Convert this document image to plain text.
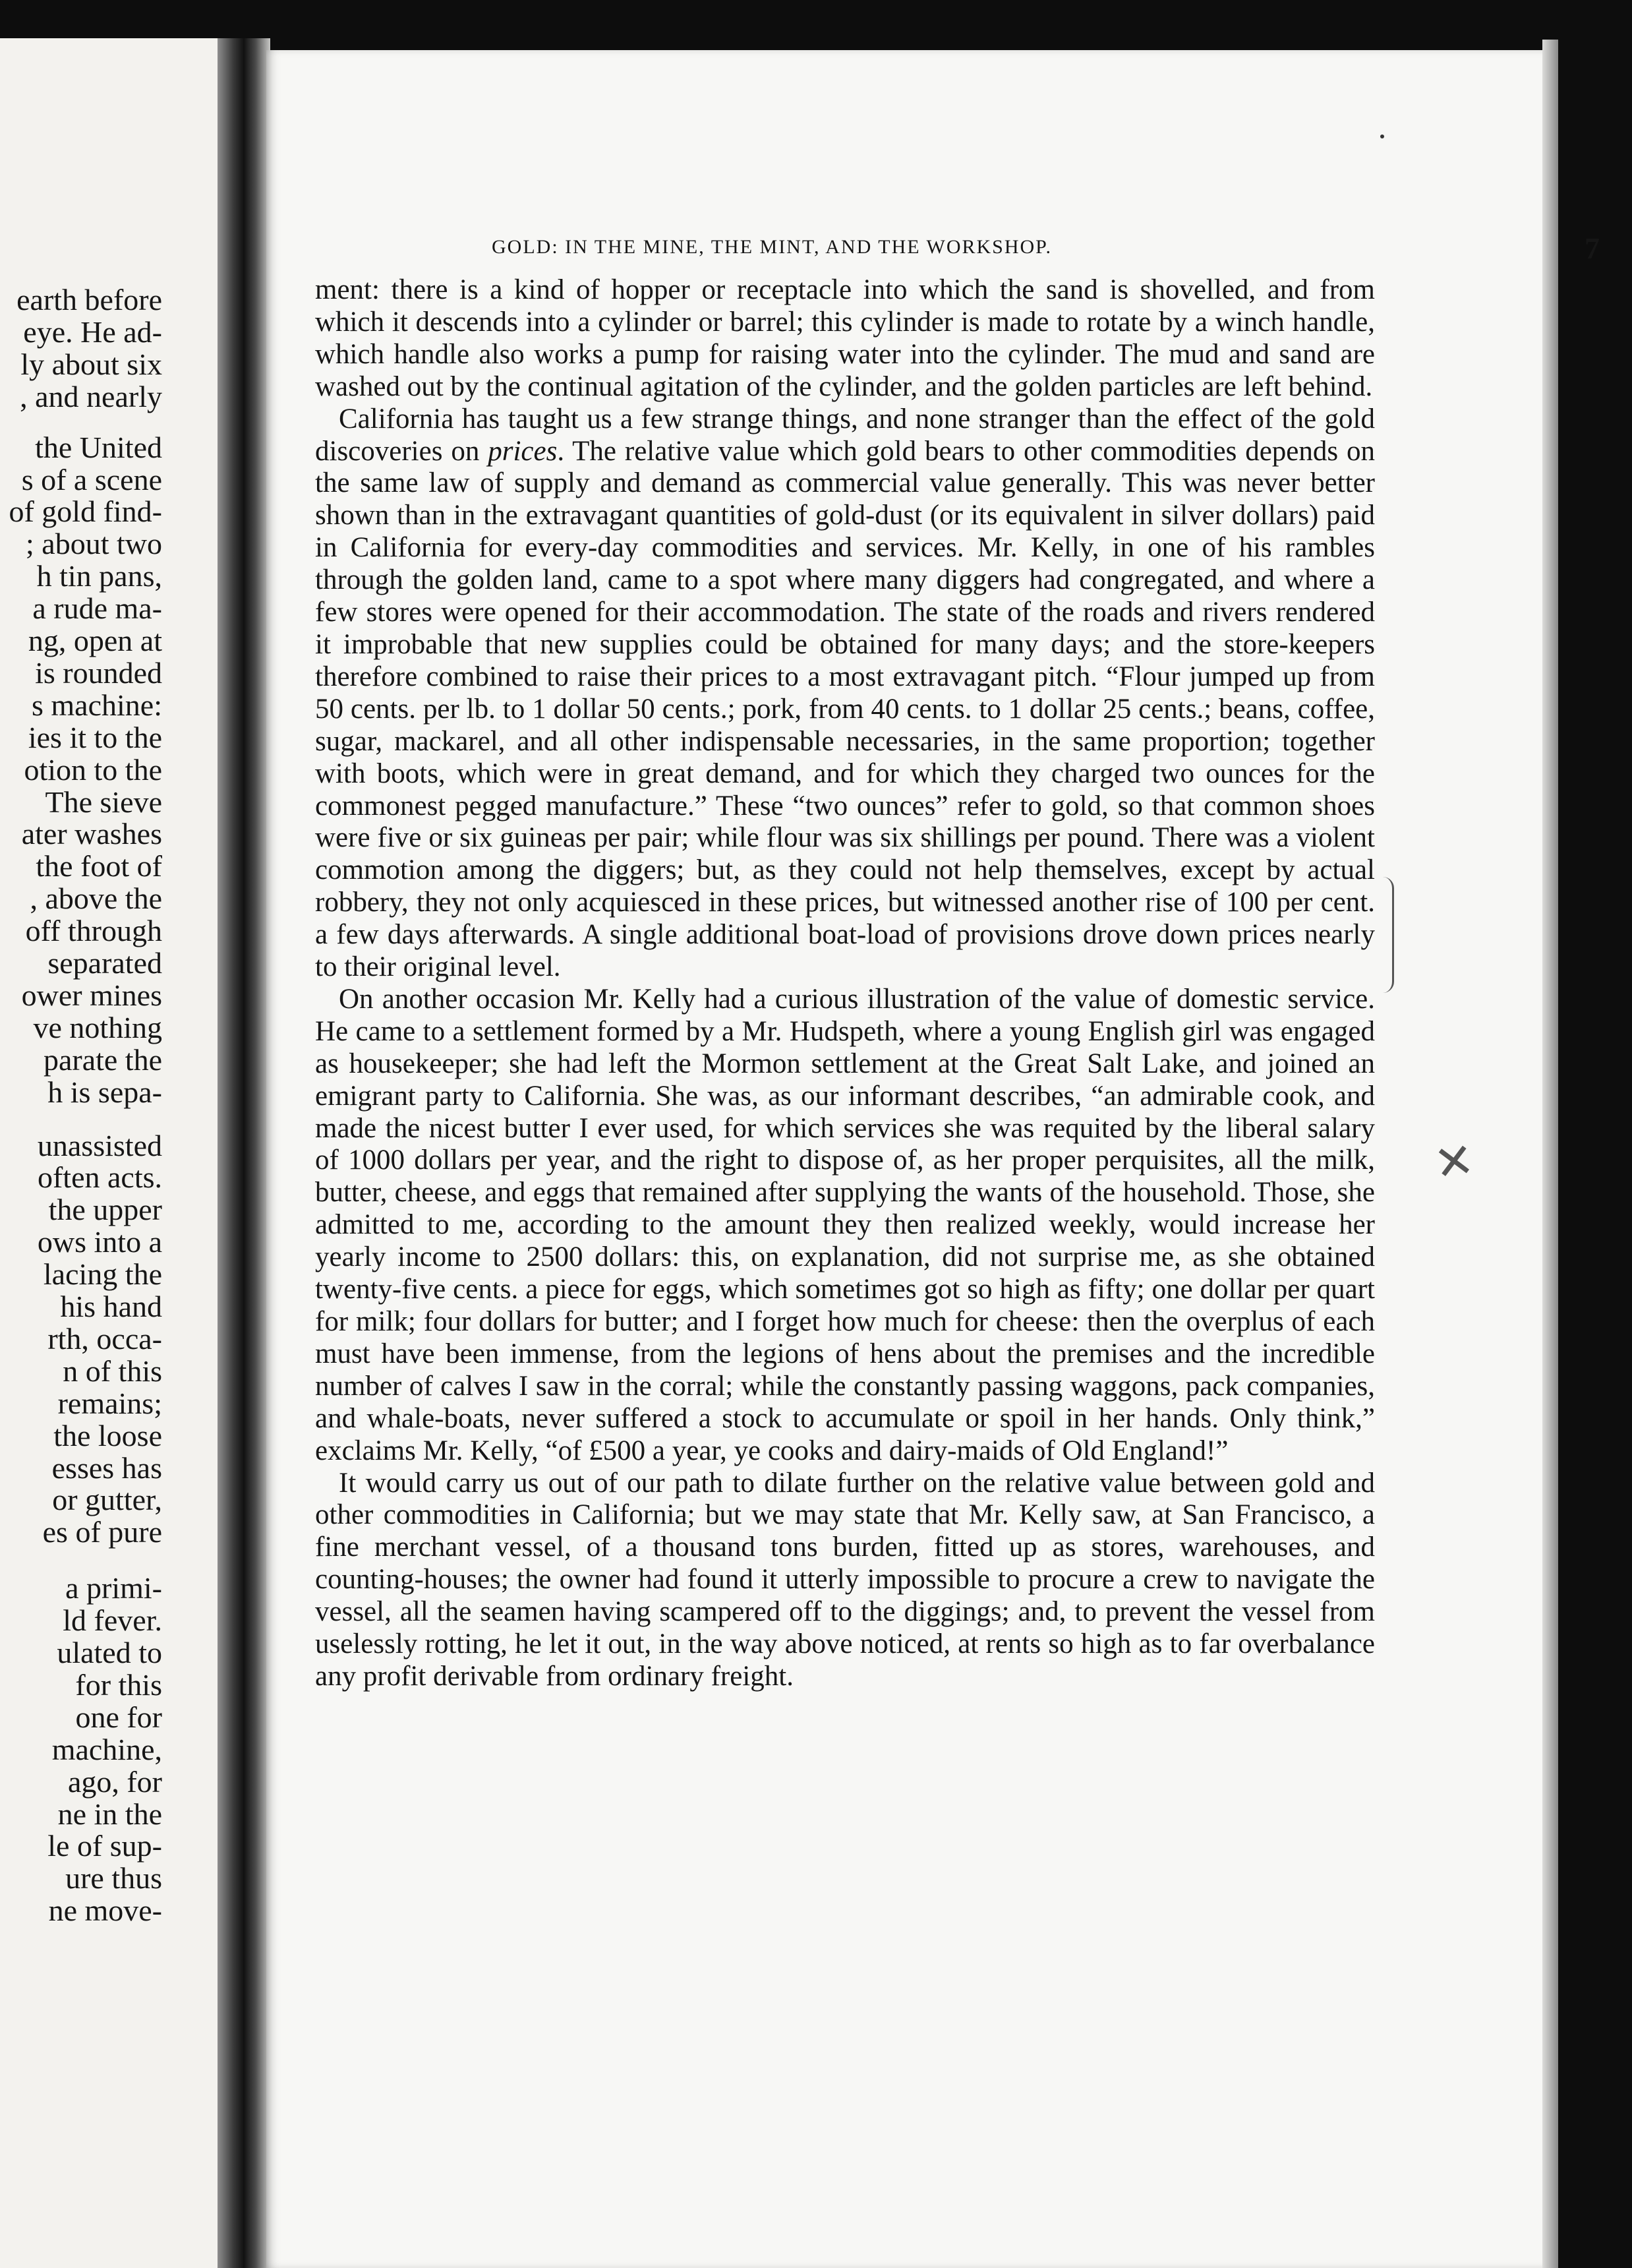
earth before
eye. He ad-
ly about six
, and nearly
the United
s of a scene
of gold find-
; about two
h tin pans,
a rude ma-
ng, open at
is rounded
s machine:
ies it to the
otion to the
The sieve
ater washes
the foot of
, above the
off through
separated
ower mines
ve nothing
parate the
h is sepa-
unassisted
often acts.
the upper
ows into a
lacing the
his hand
rth, occa-
n of this
remains;
the loose
esses has
or gutter,
es of pure
a primi-
ld fever.
ulated to
for this
one for
machine,
ago, for
ne in the
le of sup-
ure thus
ne move-
GOLD: IN THE MINE, THE MINT, AND THE WORKSHOP.	7

ment: there is a kind of hopper or receptacle into which the sand is shovelled, and from which it descends into a cylinder or barrel; this cylinder is made to rotate by a winch handle, which handle also works a pump for raising water into the cylinder. The mud and sand are washed out by the continual agitation of the cylinder, and the golden particles are left behind.

California has taught us a few strange things, and none stranger than the effect of the gold discoveries on prices. The relative value which gold bears to other commodities depends on the same law of supply and demand as commercial value generally. This was never better shown than in the extravagant quantities of gold-dust (or its equivalent in silver dollars) paid in California for every-day commodities and services. Mr. Kelly, in one of his rambles through the golden land, came to a spot where many diggers had congregated, and where a few stores were opened for their accommodation. The state of the roads and rivers rendered it improbable that new supplies could be obtained for many days; and the store-keepers therefore combined to raise their prices to a most extravagant pitch. “Flour jumped up from 50 cents. per lb. to 1 dollar 50 cents.; pork, from 40 cents. to 1 dollar 25 cents.; beans, coffee, sugar, mackarel, and all other indispensable necessaries, in the same proportion; together with boots, which were in great demand, and for which they charged two ounces for the commonest pegged manufacture.” These “two ounces” refer to gold, so that common shoes were five or six guineas per pair; while flour was six shillings per pound. There was a violent commotion among the diggers; but, as they could not help themselves, except by actual robbery, they not only acquiesced in these prices, but witnessed another rise of 100 per cent. a few days afterwards. A single additional boat-load of provisions drove down prices nearly to their original level.

On another occasion Mr. Kelly had a curious illustration of the value of domestic service. He came to a settlement formed by a Mr. Hudspeth, where a young English girl was engaged as housekeeper; she had left the Mormon settlement at the Great Salt Lake, and joined an emigrant party to California. She was, as our informant describes, “an admirable cook, and made the nicest butter I ever used, for which services she was requited by the liberal salary of 1000 dollars per year, and the right to dispose of, as her proper perquisites, all the milk, butter, cheese, and eggs that remained after supplying the wants of the household. Those, she admitted to me, according to the amount they then realized weekly, would increase her yearly income to 2500 dollars: this, on explanation, did not surprise me, as she obtained twenty-five cents. a piece for eggs, which sometimes got so high as fifty; one dollar per quart for milk; four dollars for butter; and I forget how much for cheese: then the overplus of each must have been immense, from the legions of hens about the premises and the incredible number of calves I saw in the corral; while the constantly passing waggons, pack companies, and whale-boats, never suffered a stock to accumulate or spoil in her hands. Only think,” exclaims Mr. Kelly, “of £500 a year, ye cooks and dairy-maids of Old England!”

It would carry us out of our path to dilate further on the relative value between gold and other commodities in California; but we may state that Mr. Kelly saw, at San Francisco, a fine merchant vessel, of a thousand tons burden, fitted up as stores, warehouses, and counting-houses; the owner had found it utterly impossible to procure a crew to navigate the vessel, all the seamen having scampered off to the diggings; and, to prevent the vessel from uselessly rotting, he let it out, in the way above noticed, at rents so high as to far overbalance any profit derivable from ordinary freight.

✕
